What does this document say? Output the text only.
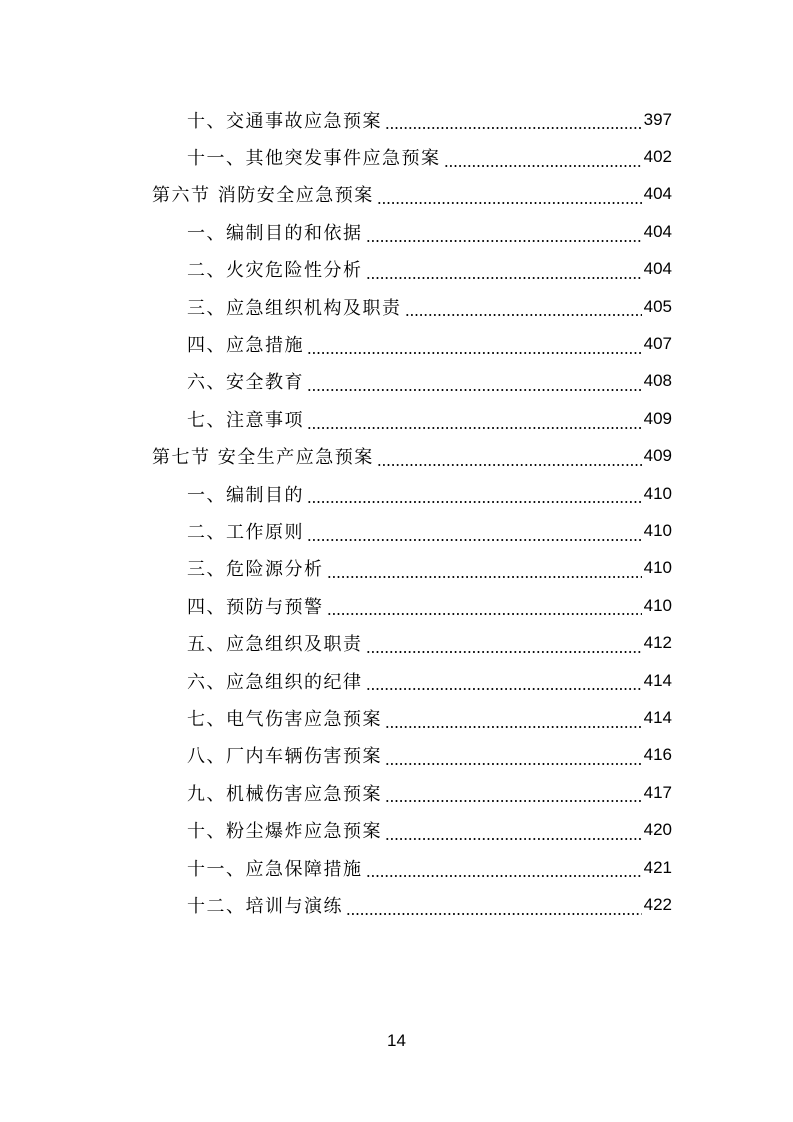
十、交通事故应急预案	397
十一、其他突发事件应急预案	402
第六节 消防安全应急预案	404
一、编制目的和依据	404
二、火灾危险性分析	404
三、应急组织机构及职责	405
四、应急措施	407
六、安全教育	408
七、注意事项	409
第七节 安全生产应急预案	409
一、编制目的	410
二、工作原则	410
三、危险源分析	410
四、预防与预警	410
五、应急组织及职责	412
六、应急组织的纪律	414
七、电气伤害应急预案	414
八、厂内车辆伤害预案	416
九、机械伤害应急预案	417
十、粉尘爆炸应急预案	420
十一、应急保障措施	421
十二、培训与演练	422
14
